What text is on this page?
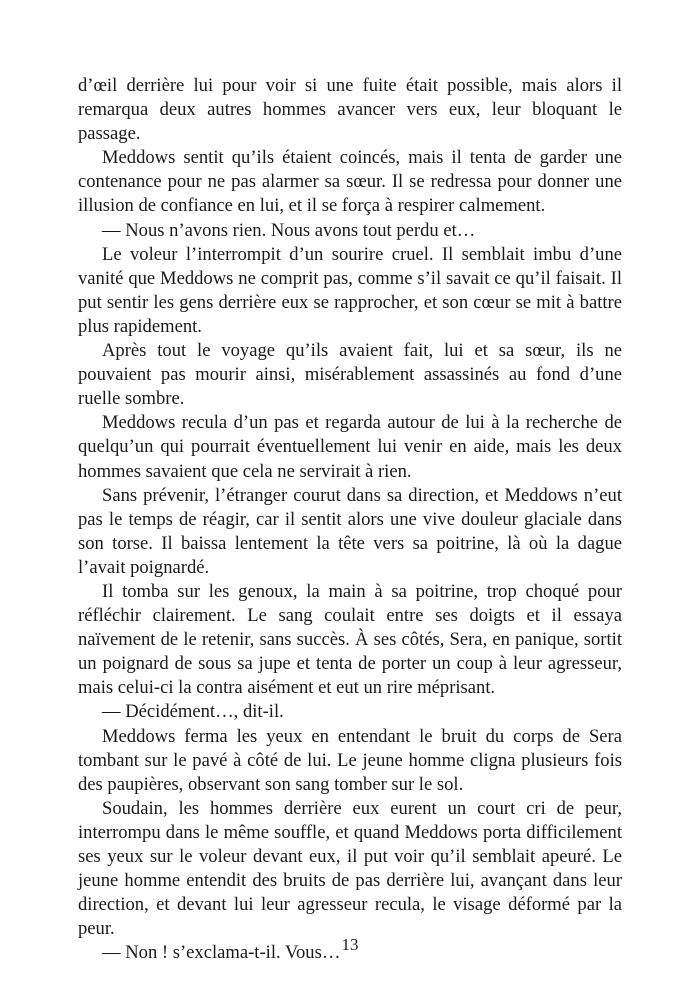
d’œil derrière lui pour voir si une fuite était possible, mais alors il remarqua deux autres hommes avancer vers eux, leur bloquant le passage.

Meddows sentit qu’ils étaient coincés, mais il tenta de garder une contenance pour ne pas alarmer sa sœur. Il se redressa pour donner une illusion de confiance en lui, et il se força à respirer calmement.

— Nous n’avons rien. Nous avons tout perdu et…

Le voleur l’interrompit d’un sourire cruel. Il semblait imbu d’une vanité que Meddows ne comprit pas, comme s’il savait ce qu’il faisait. Il put sentir les gens derrière eux se rapprocher, et son cœur se mit à battre plus rapidement.

Après tout le voyage qu’ils avaient fait, lui et sa sœur, ils ne pouvaient pas mourir ainsi, misérablement assassinés au fond d’une ruelle sombre.

Meddows recula d’un pas et regarda autour de lui à la recherche de quelqu’un qui pourrait éventuellement lui venir en aide, mais les deux hommes savaient que cela ne servirait à rien.

Sans prévenir, l’étranger courut dans sa direction, et Meddows n’eut pas le temps de réagir, car il sentit alors une vive douleur glaciale dans son torse. Il baissa lentement la tête vers sa poitrine, là où la dague l’avait poignardé.

Il tomba sur les genoux, la main à sa poitrine, trop choqué pour réfléchir clairement. Le sang coulait entre ses doigts et il essaya naïvement de le retenir, sans succès. À ses côtés, Sera, en panique, sortit un poignard de sous sa jupe et tenta de porter un coup à leur agresseur, mais celui-ci la contra aisément et eut un rire méprisant.

— Décidément…, dit-il.

Meddows ferma les yeux en entendant le bruit du corps de Sera tombant sur le pavé à côté de lui. Le jeune homme cligna plusieurs fois des paupières, observant son sang tomber sur le sol.

Soudain, les hommes derrière eux eurent un court cri de peur, interrompu dans le même souffle, et quand Meddows porta difficilement ses yeux sur le voleur devant eux, il put voir qu’il semblait apeuré. Le jeune homme entendit des bruits de pas derrière lui, avançant dans leur direction, et devant lui leur agresseur recula, le visage déformé par la peur.

— Non ! s’exclama-t-il. Vous… 13
